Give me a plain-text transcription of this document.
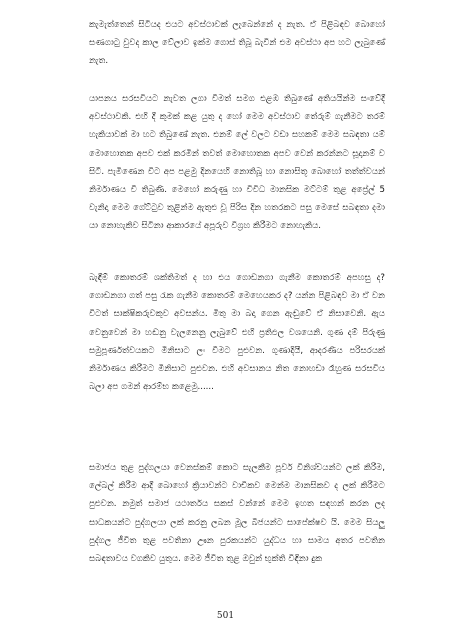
කැමැත්තෙන් සිටියද එයට අවස්ථාවක් ලැබෙන්නේ ද නැත. ඒ පිළිබඳව බොහෝ සණගාටු වුවද කාල වේලාව ඉක්ම ගොස් තිබූ බැවින් එම අවස්ථා අප හට ලැබුණේ නැත.

යාපනය සරසවියට නැවත ලගා වීමත් සමග එළඹ තිබුණේ අතියයින්ම සංවේදී අවස්ථාවකි. එහි දී කුමක් කළ යුතු ද හෝ මෙම අවස්ථාව තේරුම් ගැනීමට තරම් හැකියාවක් මා හට තිබුණේ නැත. එනම් ලේ වලට වඩා සහකම් මෙම සබඳතා යම් මොහොතක අපව එක් කරමින් තවත් මොහොතක අපව වෙන් කරන්නට සූදානම් ව සිටී. පැමිණෙන විට අප පළමු දිනයෙහි නොතිබූ හා නොසිතූ බොහෝ තත්ත්වයන් නිර්මාණය වී තිබුණි. මෙහෝ කරුණු හා විවිධ මානසික මට්ටම් තුළ අප්‍රේල් 5 වැනිදා මෙම ගේට්ටුව තුළින්ම ඇතුළු වූ පිරිස දින හතරකට පසු මෙසේ සබඳතා දමා යා නොහැකිව සිටිනා ආකාරයේ අපූරුව විග්‍රහ කිරීමට නොහැකිය.

බැඳීම් කොතරම් ශක්තිමත් ද හා එය ගොඩනගා ගැනීම කොතරම් අපහසු ද? ගොඩනගා ගත් පසු රැක ගැනීම කොතරම් මෙහෙයකර ද? යන්න පිළිබඳව මා ඒ වන විටත් සාක්ෂිකරුවකුව අවසන්ය. මිතු මා බදා ගෙන ඇඬුවේ ඒ නිසාවෙනි. ඇය වෙනුවෙන් මා හඬනු වැලනෙනු ලැබුවේ එහි ප්‍රතිඵල වශයෙනි. ගුණ දම් පිරුණු සමුපූර්ණත්වයකට මිනිසාට ලං වීමට පුළුවන. ගුණාදියී, ආදරණීය පරිසරයක් නිර්මාණය කිරීමට මිනිසාට පුළුවන. එහි අවසානය නිත නොහඩා රෑහුණ සරසවිය බලා අප ගමන් ආරම්භ කළෙමු......

සමාජය තුළ පුද්ගලයා වෙනස්කම් කොට සැලකීම පූර්ව විනිශ්චයන්ට ලක් කිරීම, ලේබල් කිරීම ආදී බොහෝ ක්‍රියාවන්ට වාචිකව මෙන්ම මානසිකව ද ලක් කිරීමට පුළුවන. නමුත් සමාජ යථාර්තය සකස් වන්නේ මෙම ඉහත සඳහන් කරන ලද සාධකයන්ට පුද්ගලයා ලක් කරනු ලබන මූල බීජයන්ට සාපේක්ෂව යි. මෙම සියලු පුද්ගල ජීවිත තුළ පවතිනා ඌන පුරකයන්ට යුද්ධය හා සාමය අතර පවතින සබඳතාවය වගකිව යුතුය. මෙම ජීවිත තුළ ඔවුන් භුක්ති විඳිනා දුක

501
